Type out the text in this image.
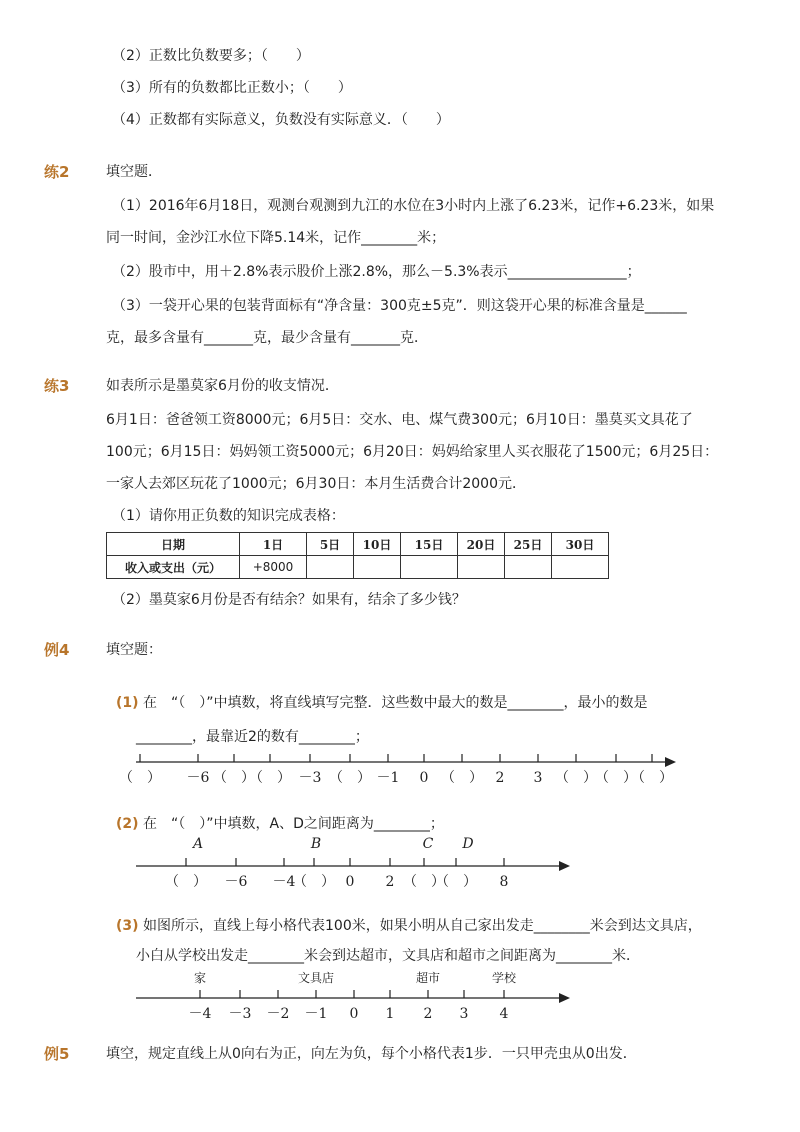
（2）正数比负数要多；（　　）
（3）所有的负数都比正数小；（　　）
（4）正数都有实际意义，负数没有实际意义．（　　）
练2	填空题．
（1）2016年6月18日，观测台观测到九江的水位在3小时内上涨了6.23米，记作+6.23米，如果
同一时间，金沙江水位下降5.14米，记作________米；
（2）股市中，用＋2.8%表示股价上涨2.8%，那么－5.3%表示_________________；
（3）一袋开心果的包装背面标有“净含量：300克±5克”．则这袋开心果的标准含量是______
克，最多含量有_______克，最少含量有_______克．
练3	如表所示是墨莫家6月份的收支情况．
6月1日：爸爸领工资8000元；6月5日：交水、电、煤气费300元；6月10日：墨莫买文具花了
100元；6月15日：妈妈领工资5000元；6月20日：妈妈给家里人买衣服花了1500元；6月25日：
一家人去郊区玩花了1000元；6月30日：本月生活费合计2000元．
（1）请你用正负数的知识完成表格：
日期	1日	5日	10日	15日	20日	25日	30日
收入或支出（元）	+8000						
（2）墨莫家6月份是否有结余？如果有，结余了多少钱？
例4	填空题：
(1) 在　“（　）”中填数，将直线填写完整．这些数中最大的数是________，最小的数是
________，最靠近2的数有________；
（　） －6 （　）
（　） －3 （　） －1 0 （　） 2 3 （　）
（　）
（　）
(2) 在　“（　）”中填数，A、D之间距离为________；
（　） －6 －4
（　） 0 2 （　）
（　） 8
A	B	C D
(3) 如图所示，直线上每小格代表100米，如果小明从自己家出发走________米会到达文具店，
小白从学校出发走________米会到达超市，文具店和超市之间距离为________米．
－4 －3 －2 －1 0 1 2 3 4
家	文具店	超市	学校
例5	填空，规定直线上从0向右为正，向左为负，每个小格代表1步．一只甲壳虫从0出发．
